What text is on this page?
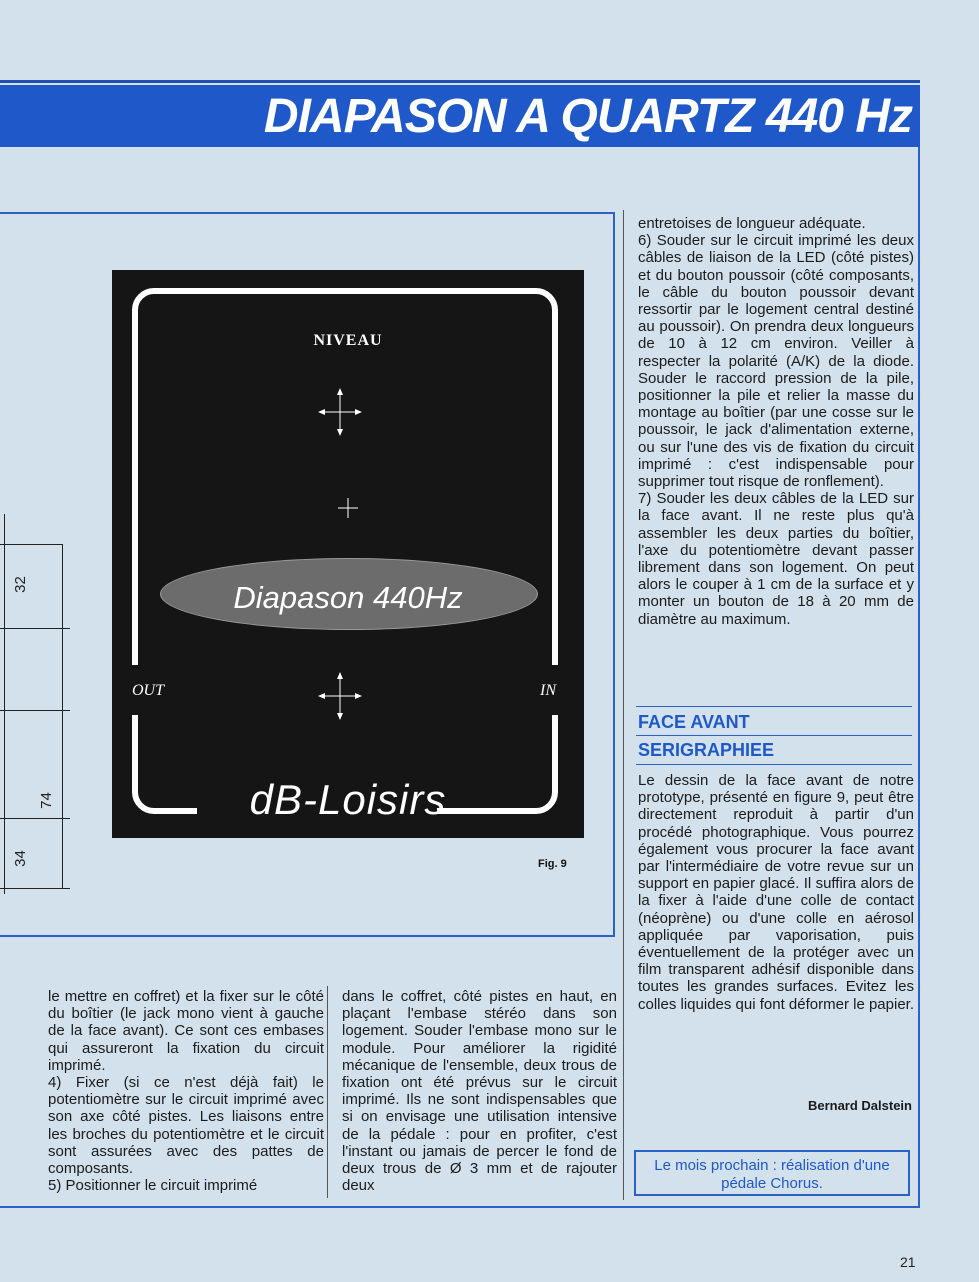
DIAPASON A QUARTZ 440 Hz
32
74
34
NIVEAU
Diapason 440Hz
OUT	IN
dB-Loisirs
Fig. 9

le mettre en coffret) et la fixer sur le côté du boîtier (le jack mono vient à gauche de la face avant). Ce sont ces embases qui assureront la fixation du circuit imprimé.
4) Fixer (si ce n'est déjà fait) le potentiomètre sur le circuit imprimé avec son axe côté pistes. Les liaisons entre les broches du potentiomètre et le circuit sont assurées avec des pattes de composants.
5) Positionner le circuit imprimé

dans le coffret, côté pistes en haut, en plaçant l'embase stéréo dans son logement. Souder l'embase mono sur le module. Pour améliorer la rigidité mécanique de l'ensemble, deux trous de fixation ont été prévus sur le circuit imprimé. Ils ne sont indispensables que si on envisage une utilisation intensive de la pédale : pour en profiter, c'est l'instant ou jamais de percer le fond de deux trous de Ø 3 mm et de rajouter deux

entretoises de longueur adéquate.
6) Souder sur le circuit imprimé les deux câbles de liaison de la LED (côté pistes) et du bouton poussoir (côté composants, le câble du bouton poussoir devant ressortir par le logement central destiné au poussoir). On prendra deux longueurs de 10 à 12 cm environ. Veiller à respecter la polarité (A/K) de la diode. Souder le raccord pression de la pile, positionner la pile et relier la masse du montage au boîtier (par une cosse sur le poussoir, le jack d'alimentation externe, ou sur l'une des vis de fixation du circuit imprimé : c'est indispensable pour supprimer tout risque de ronflement).
7) Souder les deux câbles de la LED sur la face avant. Il ne reste plus qu'à assembler les deux parties du boîtier, l'axe du potentiomètre devant passer librement dans son logement. On peut alors le couper à 1 cm de la surface et y monter un bouton de 18 à 20 mm de diamètre au maximum.

FACE AVANT
SERIGRAPHIEE

Le dessin de la face avant de notre prototype, présenté en figure 9, peut être directement reproduit à partir d'un procédé photographique. Vous pourrez également vous procurer la face avant par l'intermédiaire de votre revue sur un support en papier glacé. Il suffira alors de la fixer à l'aide d'une colle de contact (néoprène) ou d'une colle en aérosol appliquée par vaporisation, puis éventuellement de la protéger avec un film transparent adhésif disponible dans toutes les grandes surfaces. Evitez les colles liquides qui font déformer le papier.

Bernard Dalstein
Le mois prochain : réalisation d'une pédale Chorus.
21
